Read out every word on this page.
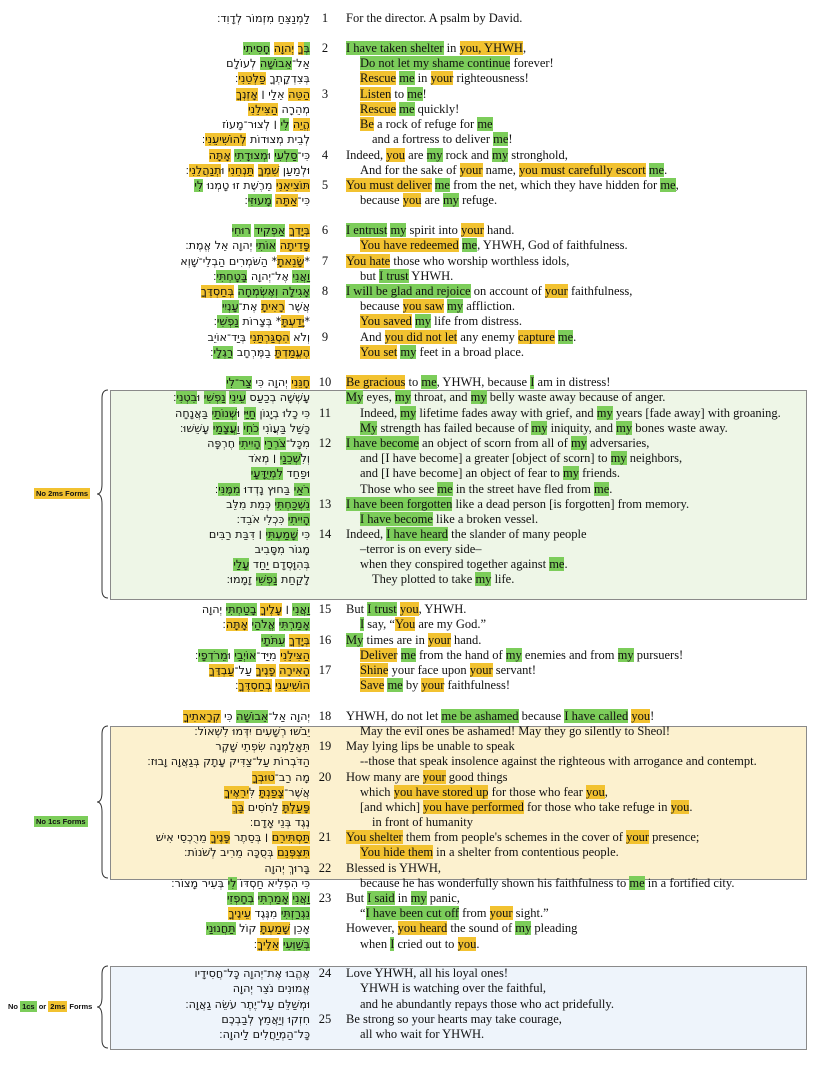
No 2ms Forms
No 1cs Forms
No 1cs or 2ms Forms
לַמְנַצֵּחַ מִזְמוֹר לְדָוִד׃ 1	For the director. A psalm by David.
בְּךָ יְהוָה חָסִיתִי	2	I have taken shelter in you, YHWH,
אַל־אֵבוֹשָׁה לְעוֹלָם	Do not let my shame continue forever!
בְּצִדְקָתְךָ פַלְּטֵנִי׃	Rescue me in your righteousness!
הַטֵּה אֵלַי ׀ אָזְנְךָ	3	Listen to me!
מְהֵרָה הַצִּילֵנִי	Rescue me quickly!
הֱיֵה לִי ׀ לְצוּר־מָעוֹז	Be a rock of refuge for me
לְבֵית מְצוּדוֹת לְהוֹשִׁיעֵנִי׃	and a fortress to deliver me!
כִּי־סַלְעִי וּמְצוּדָתִי אָתָּה	4	Indeed, you are my rock and my stronghold,
וּלְמַעַן שִׁמְךָ תַּנְחֵנִי וּתְנַהֲלֵנִי׃	And for the sake of your name, you must carefully escort me.
תּוֹצִיאֵנִי מֵרֶשֶׁת זוּ טָמְנוּ לִי	5	You must deliver me from the net, which they have hidden for me,
כִּי־אַתָּה מָעוּזִּי׃	because you are my refuge.
בְּיָדְךָ אַפְקִיד רוּחִי	6	I entrust my spirit into your hand.
פָּדִיתָה אוֹתִי יְהוָה אֵל אֱמֶת׃	You have redeemed me, YHWH, God of faithfulness.
*שָׂנֵאתָ* הַשֹּׁמְרִים הַבְלֵי־שָׁוְא	7	You hate those who worship worthless idols,
וַאֲנִי אֶל־יְהוָה בָּטָחְתִּי׃	but I trust YHWH.
אָגִילָה וְאֶשְׂמְחָה בְּחַסְדֶּךָ	8	I will be glad and rejoice on account of your faithfulness,
אֲשֶׁר רָאִיתָ אֶת־עָנְיִי	because you saw my affliction.
*יָדַעְתָּ* בְּצָרוֹת נַפְשִׁי׃	You saved my life from distress.
וְלֹא הִסְגַּרְתַּנִי בְּיַד־אוֹיֵב	9	And you did not let any enemy capture me.
הֶעֱמַדְתָּ בַמֶּרְחָב רַגְלָי׃	You set my feet in a broad place.
חָנֵּנִי יְהוָה כִּי צַר־לִי	10	Be gracious to me, YHWH, because I am in distress!
עָשְׁשָׁה בְכַעַס עֵינִי נַפְשִׁי וּבִטְנִי׃	My eyes, my throat, and my belly waste away because of anger.
כִּי כָלוּ בְיָגוֹן חַיַּי וּשְׁנוֹתַי בַּאֲנָחָה	11	Indeed, my lifetime fades away with grief, and my years [fade away] with groaning.
כָּשַׁל בַּעֲוֹנִי כֹחִי וַעֲצָמַי עָשֵׁשׁוּ׃	My strength has failed because of my iniquity, and my bones waste away.
מִכָּל־צֹרְרַי הָיִיתִי חֶרְפָּה	12	I have become an object of scorn from all of my adversaries,
וְלִשְׁכֵנַי ׀ מְאֹד	and [I have become] a greater [object of scorn] to my neighbors,
וּפַחַד לִמְיֻדָּעָי	and [I have become] an object of fear to my friends.
רֹאַי בַּחוּץ נָדְדוּ מִמֶּנִּי׃	Those who see me in the street have fled from me.
נִשְׁכַּחְתִּי כְּמֵת מִלֵּב	13	I have been forgotten like a dead person [is forgotten] from memory.
הָיִיתִי כִּכְלִי אֹבֵד׃	I have become like a broken vessel.
כִּי שָׁמַעְתִּי ׀ דִּבַּת רַבִּים	14	Indeed, I have heard the slander of many people
מָגוֹר מִסָּבִיב	–terror is on every side–
בְּהִוָּסְדָם יַחַד עָלַי	when they conspired together against me.
לָקַחַת נַפְשִׁי זָמָמוּ׃	They plotted to take my life.
וַאֲנִי ׀ עָלֶיךָ בָטַחְתִּי יְהוָה	15	But I trust you, YHWH.
אָמַרְתִּי אֱלֹהַי אָתָּה׃	I say, “You are my God.”
בְּיָדְךָ עִתֹּתָי	16	My times are in your hand.
הַצִּילֵנִי מִיַּד־אוֹיְבַי וּמֵרֹדְפָי׃	Deliver me from the hand of my enemies and from my pursuers!
הָאִירָה פָנֶיךָ עַל־עַבְדֶּךָ	17	Shine your face upon your servant!
הוֹשִׁיעֵנִי בְחַסְדֶּךָ׃	Save me by your faithfulness!
יְהוָה אַל־אֵבוֹשָׁה כִּי קְרָאתִיךָ	18	YHWH, do not let me be ashamed because I have called you!
יֵבֹשׁוּ רְשָׁעִים יִדְּמוּ לִשְׁאוֹל׃	May the evil ones be ashamed! May they go silently to Sheol!
תֵּאָלַמְנָה שִׂפְתֵי שָׁקֶר 19	May lying lips be unable to speak
הַדֹּבְרוֹת עַל־צַדִּיק עָתָק בְּגַאֲוָה וָבוּז׃	--those that speak insolence against the righteous with arrogance and contempt.
מָה רַב־טוּבְךָ	20	How many are your good things
אֲשֶׁר־צָפַנְתָּ לִּירֵאֶיךָ	which you have stored up for those who fear you,
פָּעַלְתָּ לַחֹסִים בָּךְ	[and which] you have performed for those who take refuge in you.
נֶגֶד בְּנֵי אָדָם׃	in front of humanity
תַּסְתִּירֵם ׀ בְּסֵתֶר פָּנֶיךָ מֵרֻכְסֵי אִישׁ	21	You shelter them from people's schemes in the cover of your presence;
תִּצְפְּנֵם בְּסֻכָּה מֵרִיב לְשֹׁנוֹת׃	You hide them in a shelter from contentious people.
בָּרוּךְ יְהוָה 22	Blessed is YHWH,
כִּי הִפְלִיא חַסְדּוֹ לִי בְּעִיר מָצוֹר׃	because he has wonderfully shown his faithfulness to me in a fortified city.
וַאֲנִי אָמַרְתִּי בְחָפְזִי	23	But I said in my panic,
נִגְרַזְתִּי מִנֶּגֶד עֵינֶיךָ	“I have been cut off from your sight.”
אָכֵן שָׁמַעְתָּ קוֹל תַּחֲנוּנַי	However, you heard the sound of my pleading
בְּשַׁוְּעִי אֵלֶיךָ׃	when I cried out to you.
אֶהֱבוּ אֶת־יְהוָה כָּל־חֲסִידָיו 24	Love YHWH, all his loyal ones!
אֱמוּנִים נֹצֵר יְהוָה	YHWH is watching over the faithful,
וּמְשַׁלֵּם עַל־יֶתֶר עֹשֵׂה גַאֲוָה׃	and he abundantly repays those who act pridefully.
חִזְקוּ וְיַאֲמֵץ לְבַבְכֶם 25	Be strong so your hearts may take courage,
כָּל־הַמְיַחֲלִים לַיהוָה׃	all who wait for YHWH.
